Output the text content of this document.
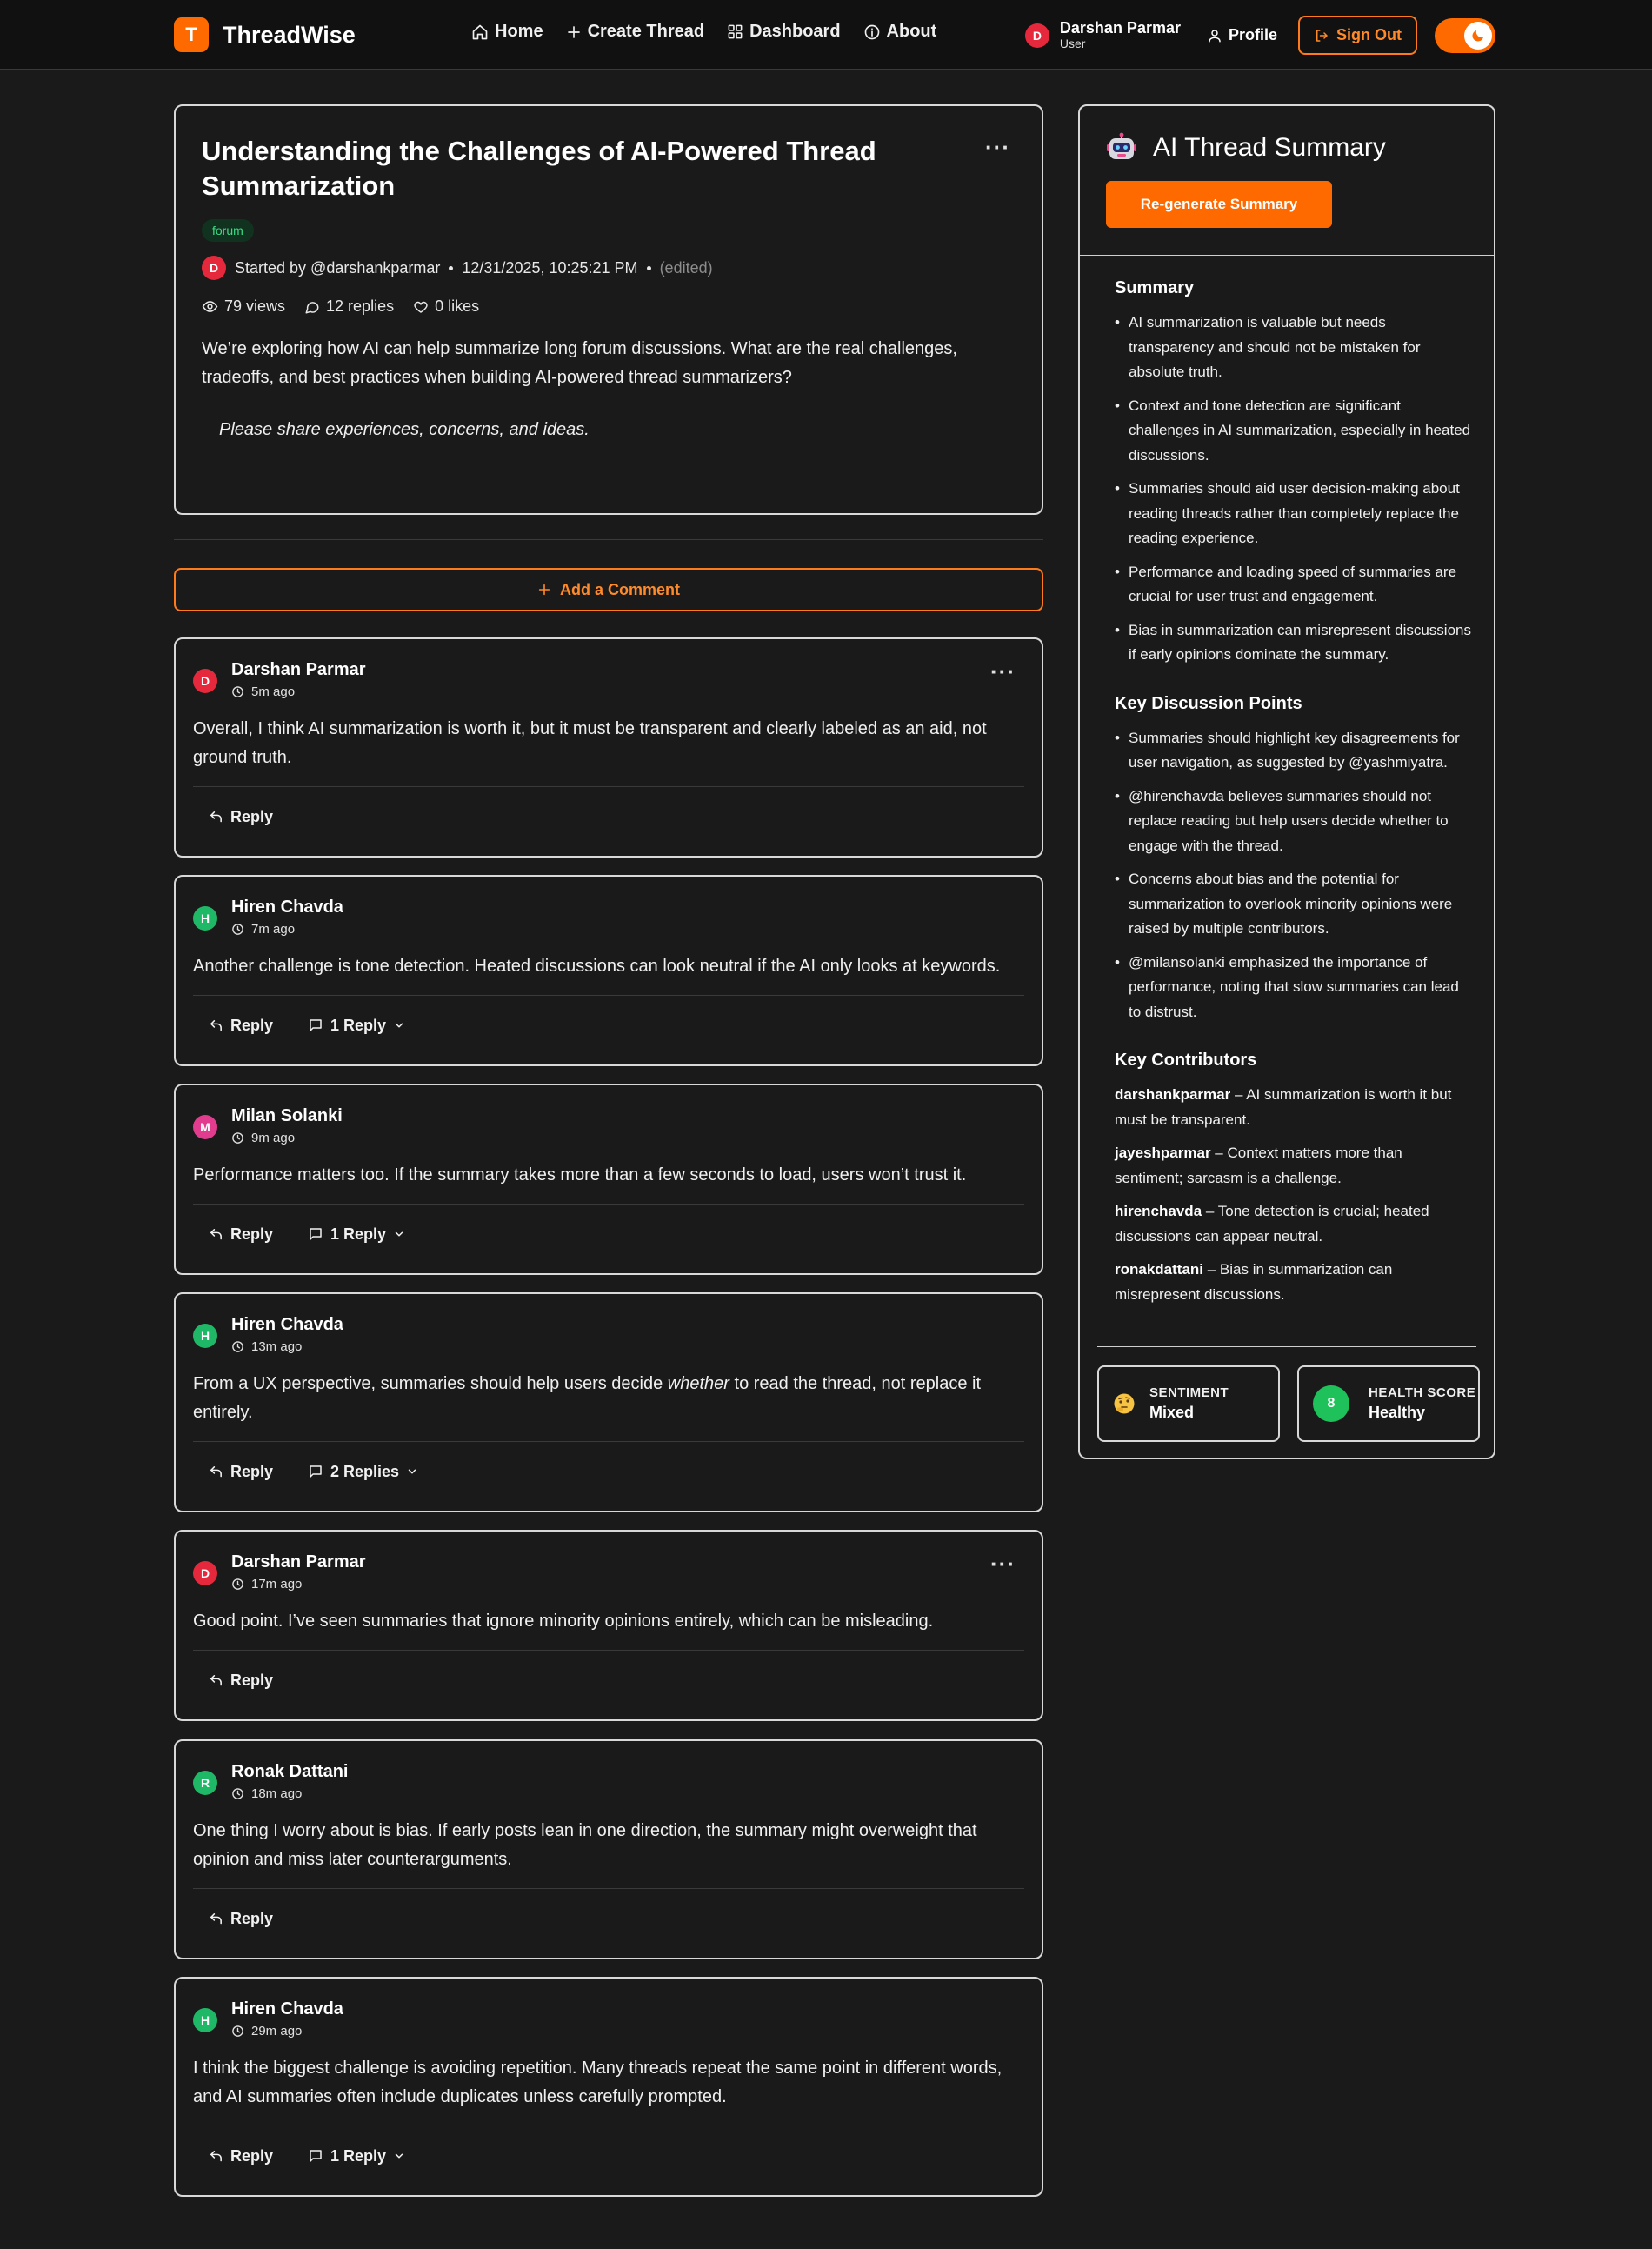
T	ThreadWise	Home	Create Thread	Dashboard	About	D	Darshan Parmar
User	Profile	Sign Out
Understanding the Challenges of AI-Powered Thread Summarization
···
forum
D	Started by @darshankparmar 12/31/2025, 10:25:21 PM (edited)
79 views	12 replies	0 likes

We’re exploring how AI can help summarize long forum discussions. What are the real challenges, tradeoffs, and best practices when building AI-powered thread summarizers?

Please share experiences, concerns, and ideas.

Add a Comment
D
Darshan Parmar
5m ago
···

Overall, I think AI summarization is worth it, but it must be transparent and clearly labeled as an aid, not ground truth.

Reply
H
Hiren Chavda
7m ago

Another challenge is tone detection. Heated discussions can look neutral if the AI only looks at keywords.

Reply	1 Reply
M
Milan Solanki
9m ago

Performance matters too. If the summary takes more than a few seconds to load, users won’t trust it.

Reply	1 Reply
H
Hiren Chavda
13m ago

From a UX perspective, summaries should help users decide whether to read the thread, not replace it entirely.

Reply	2 Replies
D
Darshan Parmar
17m ago
···

Good point. I’ve seen summaries that ignore minority opinions entirely, which can be misleading.

Reply
R
Ronak Dattani
18m ago

One thing I worry about is bias. If early posts lean in one direction, the summary might overweight that opinion and miss later counterarguments.

Reply
H
Hiren Chavda
29m ago

I think the biggest challenge is avoiding repetition. Many threads repeat the same point in different words, and AI summaries often include duplicates unless carefully prompted.

Reply	1 Reply
AI Thread Summary
Re-generate Summary
Summary
• AI summarization is valuable but needs transparency and should not be mistaken for absolute truth.
• Context and tone detection are significant challenges in AI summarization, especially in heated discussions.
• Summaries should aid user decision-making about reading threads rather than completely replace the reading experience.
• Performance and loading speed of summaries are crucial for user trust and engagement.
• Bias in summarization can misrepresent discussions if early opinions dominate the summary.
Key Discussion Points
• Summaries should highlight key disagreements for user navigation, as suggested by @yashmiyatra.
• @hirenchavda believes summaries should not replace reading but help users decide whether to engage with the thread.
• Concerns about bias and the potential for summarization to overlook minority opinions were raised by multiple contributors.
• @milansolanki emphasized the importance of performance, noting that slow summaries can lead to distrust.
Key Contributors

darshankparmar – AI summarization is worth it but must be transparent.

jayeshparmar – Context matters more than sentiment; sarcasm is a challenge.

hirenchavda – Tone detection is crucial; heated discussions can appear neutral.

ronakdattani – Bias in summarization can misrepresent discussions.

SENTIMENT
Mixed
8
HEALTH SCORE
Healthy
